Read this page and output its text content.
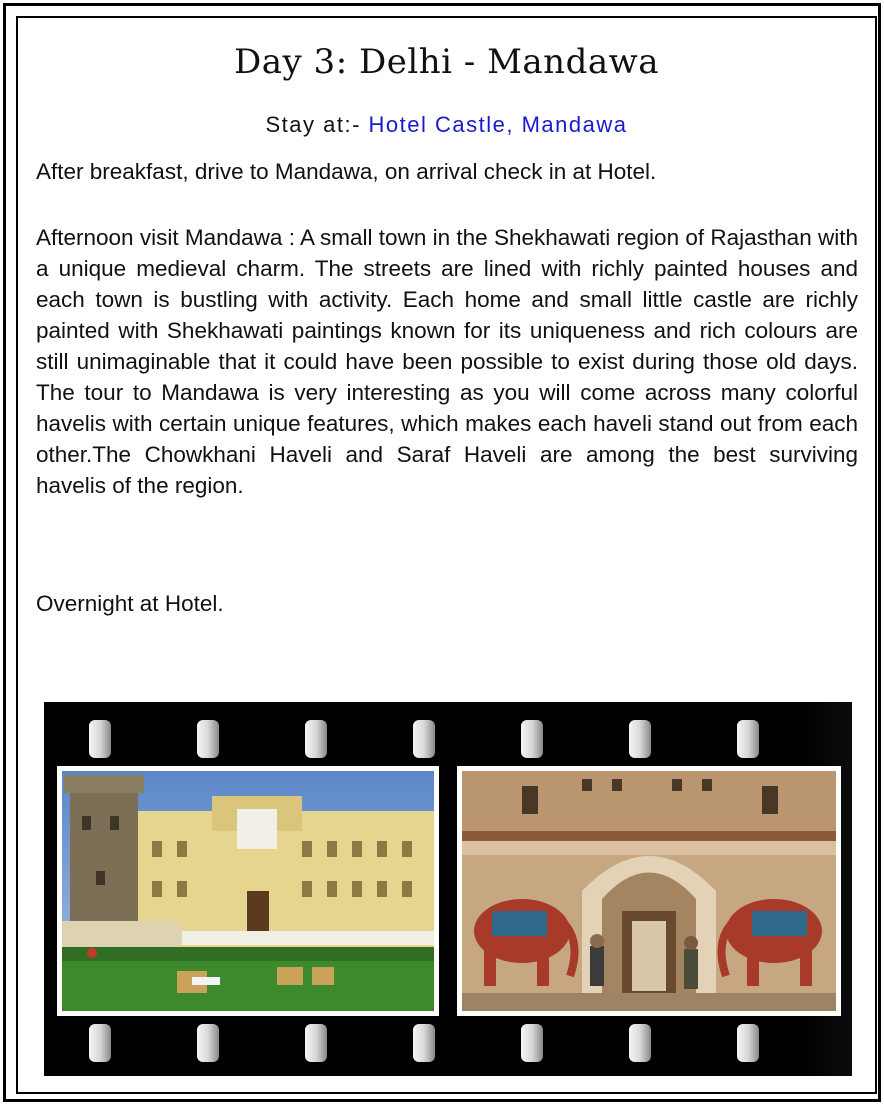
Day 3: Delhi - Mandawa
Stay at:- Hotel Castle, Mandawa

After breakfast, drive to Mandawa, on arrival check in at Hotel.

Afternoon visit Mandawa : A small town in the Shekhawati region of Rajasthan with a unique medieval charm. The streets are lined with richly painted houses and each town is bustling with activity. Each home and small little castle are richly painted with Shekhawati paintings known for its uniqueness and rich colours are still unimaginable that it could have been possible to exist during those old days. The tour to Mandawa is very interesting as you will come across many colorful havelis with certain unique features, which makes each haveli stand out from each other.The Chowkhani Haveli and Saraf Haveli are among the best surviving havelis of the region.

Overnight at Hotel.
